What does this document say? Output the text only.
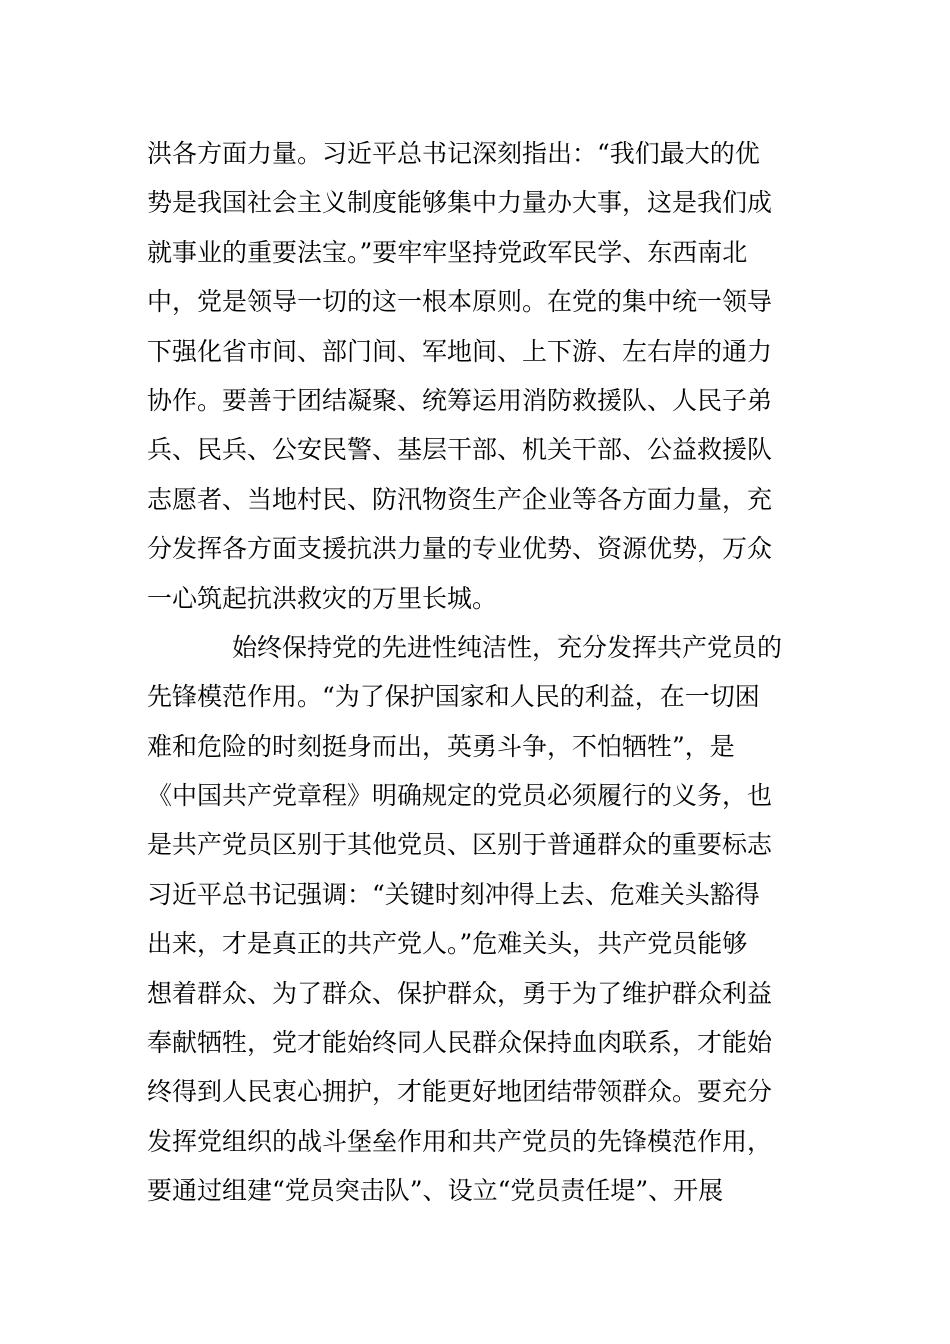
洪各方面力量。习近平总书记深刻指出：“我们最大的优
势是我国社会主义制度能够集中力量办大事，这是我们成
就事业的重要法宝。”要牢牢坚持党政军民学、东西南北
中，党是领导一切的这一根本原则。在党的集中统一领导
下强化省市间、部门间、军地间、上下游、左右岸的通力
协作。要善于团结凝聚、统筹运用消防救援队、人民子弟
兵、民兵、公安民警、基层干部、机关干部、公益救援队
志愿者、当地村民、防汛物资生产企业等各方面力量，充
分发挥各方面支援抗洪力量的专业优势、资源优势，万众
一心筑起抗洪救灾的万里长城。
始终保持党的先进性纯洁性，充分发挥共产党员的
先锋模范作用。“为了保护国家和人民的利益，在一切困
难和危险的时刻挺身而出，英勇斗争，不怕牺牲”，是
《中国共产党章程》明确规定的党员必须履行的义务，也
是共产党员区别于其他党员、区别于普通群众的重要标志
习近平总书记强调：“关键时刻冲得上去、危难关头豁得
出来，才是真正的共产党人。”危难关头，共产党员能够
想着群众、为了群众、保护群众，勇于为了维护群众利益
奉献牺牲，党才能始终同人民群众保持血肉联系，才能始
终得到人民衷心拥护，才能更好地团结带领群众。要充分
发挥党组织的战斗堡垒作用和共产党员的先锋模范作用，
要通过组建“党员突击队”、设立“党员责任堤”、开展
